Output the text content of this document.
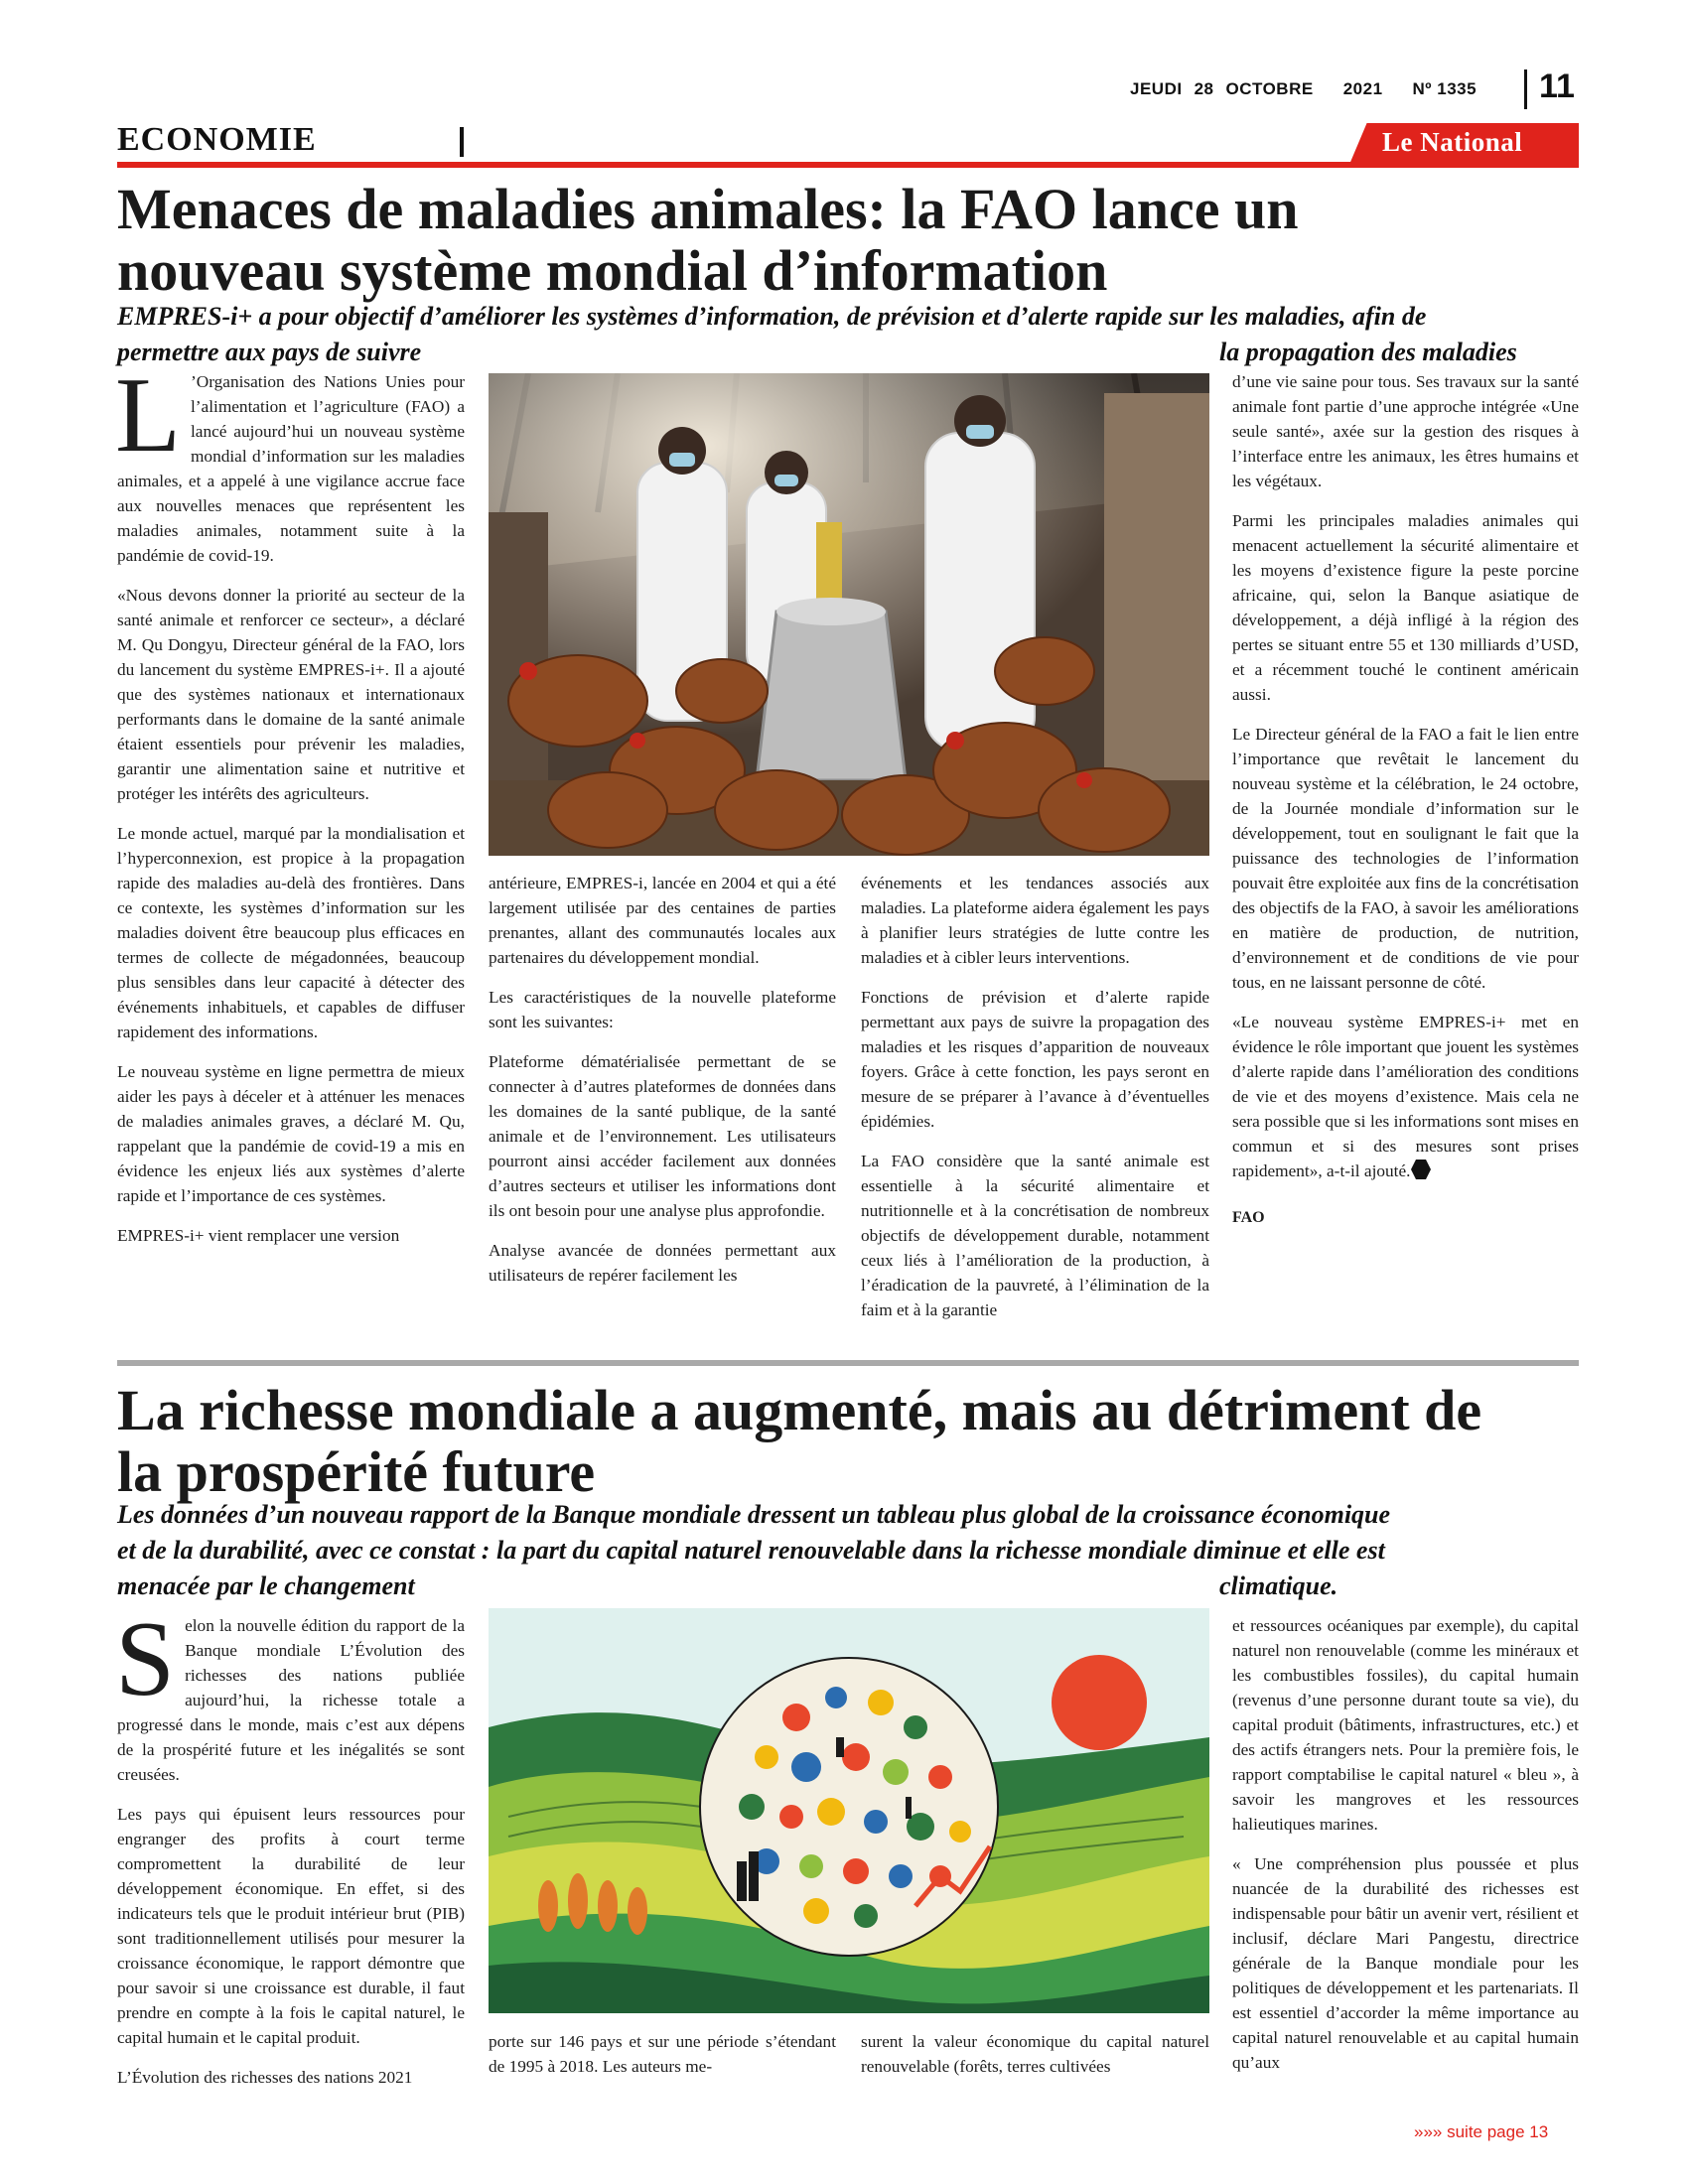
JEUDI 28 OCTOBRE 2021 Nº 1335 11
ECONOMIE	Le National
Menaces de maladies animales: la FAO lance un
nouveau système mondial d’information
EMPRES-i+ a pour objectif d’améliorer les systèmes d’information, de prévision et d’alerte rapide sur les maladies, afin de
permettre aux pays de suivre	la propagation des maladies

L ’Organisation des Nations Unies pour l’alimentation et l’agriculture (FAO) a lancé aujourd’hui un nouveau système mondial d’information sur les maladies animales, et a appelé à une vigilance accrue face aux nouvelles menaces que représentent les maladies animales, notamment suite à la pandémie de covid-19.

«Nous devons donner la priorité au secteur de la santé animale et renforcer ce secteur», a déclaré M. Qu Dongyu, Directeur général de la FAO, lors du lancement du système EMPRES-i+. Il a ajouté que des systèmes nationaux et internationaux performants dans le domaine de la santé animale étaient essentiels pour prévenir les maladies, garantir une alimentation saine et nutritive et protéger les intérêts des agriculteurs.

Le monde actuel, marqué par la mondialisation et l’hyperconnexion, est propice à la propagation rapide des maladies au-delà des frontières. Dans ce contexte, les systèmes d’information sur les maladies doivent être beaucoup plus efficaces en termes de collecte de mégadonnées, beaucoup plus sensibles dans leur capacité à détecter des événements inhabituels, et capables de diffuser rapidement des informations.

Le nouveau système en ligne permettra de mieux aider les pays à déceler et à atténuer les menaces de maladies animales graves, a déclaré M. Qu, rappelant que la pandémie de covid-19 a mis en évidence les enjeux liés aux systèmes d’alerte rapide et l’importance de ces systèmes.

EMPRES-i+ vient remplacer une version

antérieure, EMPRES-i, lancée en 2004 et qui a été largement utilisée par des centaines de parties prenantes, allant des communautés locales aux partenaires du développement mondial.

Les caractéristiques de la nouvelle plateforme sont les suivantes:

Plateforme dématérialisée permettant de se connecter à d’autres plateformes de données dans les domaines de la santé publique, de la santé animale et de l’environnement. Les utilisateurs pourront ainsi accéder facilement aux données d’autres secteurs et utiliser les informations dont ils ont besoin pour une analyse plus approfondie.

Analyse avancée de données permettant aux utilisateurs de repérer facilement les

événements et les tendances associés aux maladies. La plateforme aidera également les pays à planifier leurs stratégies de lutte contre les maladies et à cibler leurs interventions.

Fonctions de prévision et d’alerte rapide permettant aux pays de suivre la propagation des maladies et les risques d’apparition de nouveaux foyers. Grâce à cette fonction, les pays seront en mesure de se préparer à l’avance à d’éventuelles épidémies.

La FAO considère que la santé animale est essentielle à la sécurité alimentaire et nutritionnelle et à la concrétisation de nombreux objectifs de développement durable, notamment ceux liés à l’amélioration de la production, à l’éradication de la pauvreté, à l’élimination de la faim et à la garantie

d’une vie saine pour tous. Ses travaux sur la santé animale font partie d’une approche intégrée «Une seule santé», axée sur la gestion des risques à l’interface entre les animaux, les êtres humains et les végétaux.

Parmi les principales maladies animales qui menacent actuellement la sécurité alimentaire et les moyens d’existence figure la peste porcine africaine, qui, selon la Banque asiatique de développement, a déjà infligé à la région des pertes se situant entre 55 et 130 milliards d’USD, et a récemment touché le continent américain aussi.

Le Directeur général de la FAO a fait le lien entre l’importance que revêtait le lancement du nouveau système et la célébration, le 24 octobre, de la Journée mondiale d’information sur le développement, tout en soulignant le fait que la puissance des technologies de l’information pouvait être exploitée aux fins de la concrétisation des objectifs de la FAO, à savoir les améliorations en matière de production, de nutrition, d’environnement et de conditions de vie pour tous, en ne laissant personne de côté.

«Le nouveau système EMPRES-i+ met en évidence le rôle important que jouent les systèmes d’alerte rapide dans l’amélioration des conditions de vie et des moyens d’existence. Mais cela ne sera possible que si les informations sont mises en commun et si des mesures sont prises rapidement», a-t-il ajouté.

FAO
La richesse mondiale a augmenté, mais au détriment de
la prospérité future
Les données d’un nouveau rapport de la Banque mondiale dressent un tableau plus global de la croissance économique
et de la durabilité, avec ce constat : la part du capital naturel renouvelable dans la richesse mondiale diminue et elle est
menacée par le changement	climatique.

Selon la nouvelle édition du rapport de la Banque mondiale L’Évolution des richesses des nations publiée aujourd’hui, la richesse totale a progressé dans le monde, mais c’est aux dépens de la prospérité future et les inégalités se sont creusées.

Les pays qui épuisent leurs ressources pour engranger des profits à court terme compromettent la durabilité de leur développement économique. En effet, si des indicateurs tels que le produit intérieur brut (PIB) sont traditionnellement utilisés pour mesurer la croissance économique, le rapport démontre que pour savoir si une croissance est durable, il faut prendre en compte à la fois le capital naturel, le capital humain et le capital produit.

L’Évolution des richesses des nations 2021

porte sur 146 pays et sur une période s’étendant de 1995 à 2018. Les auteurs me-

surent la valeur économique du capital naturel renouvelable (forêts, terres cultivées

et ressources océaniques par exemple), du capital naturel non renouvelable (comme les minéraux et les combustibles fossiles), du capital humain (revenus d’une personne durant toute sa vie), du capital produit (bâtiments, infrastructures, etc.) et des actifs étrangers nets. Pour la première fois, le rapport comptabilise le capital naturel « bleu », à savoir les mangroves et les ressources halieutiques marines.

« Une compréhension plus poussée et plus nuancée de la durabilité des richesses est indispensable pour bâtir un avenir vert, résilient et inclusif, déclare Mari Pangestu, directrice générale de la Banque mondiale pour les politiques de développement et les partenariats. Il est essentiel d’accorder la même importance au capital naturel renouvelable et au capital humain qu’aux

»»» suite page 13
